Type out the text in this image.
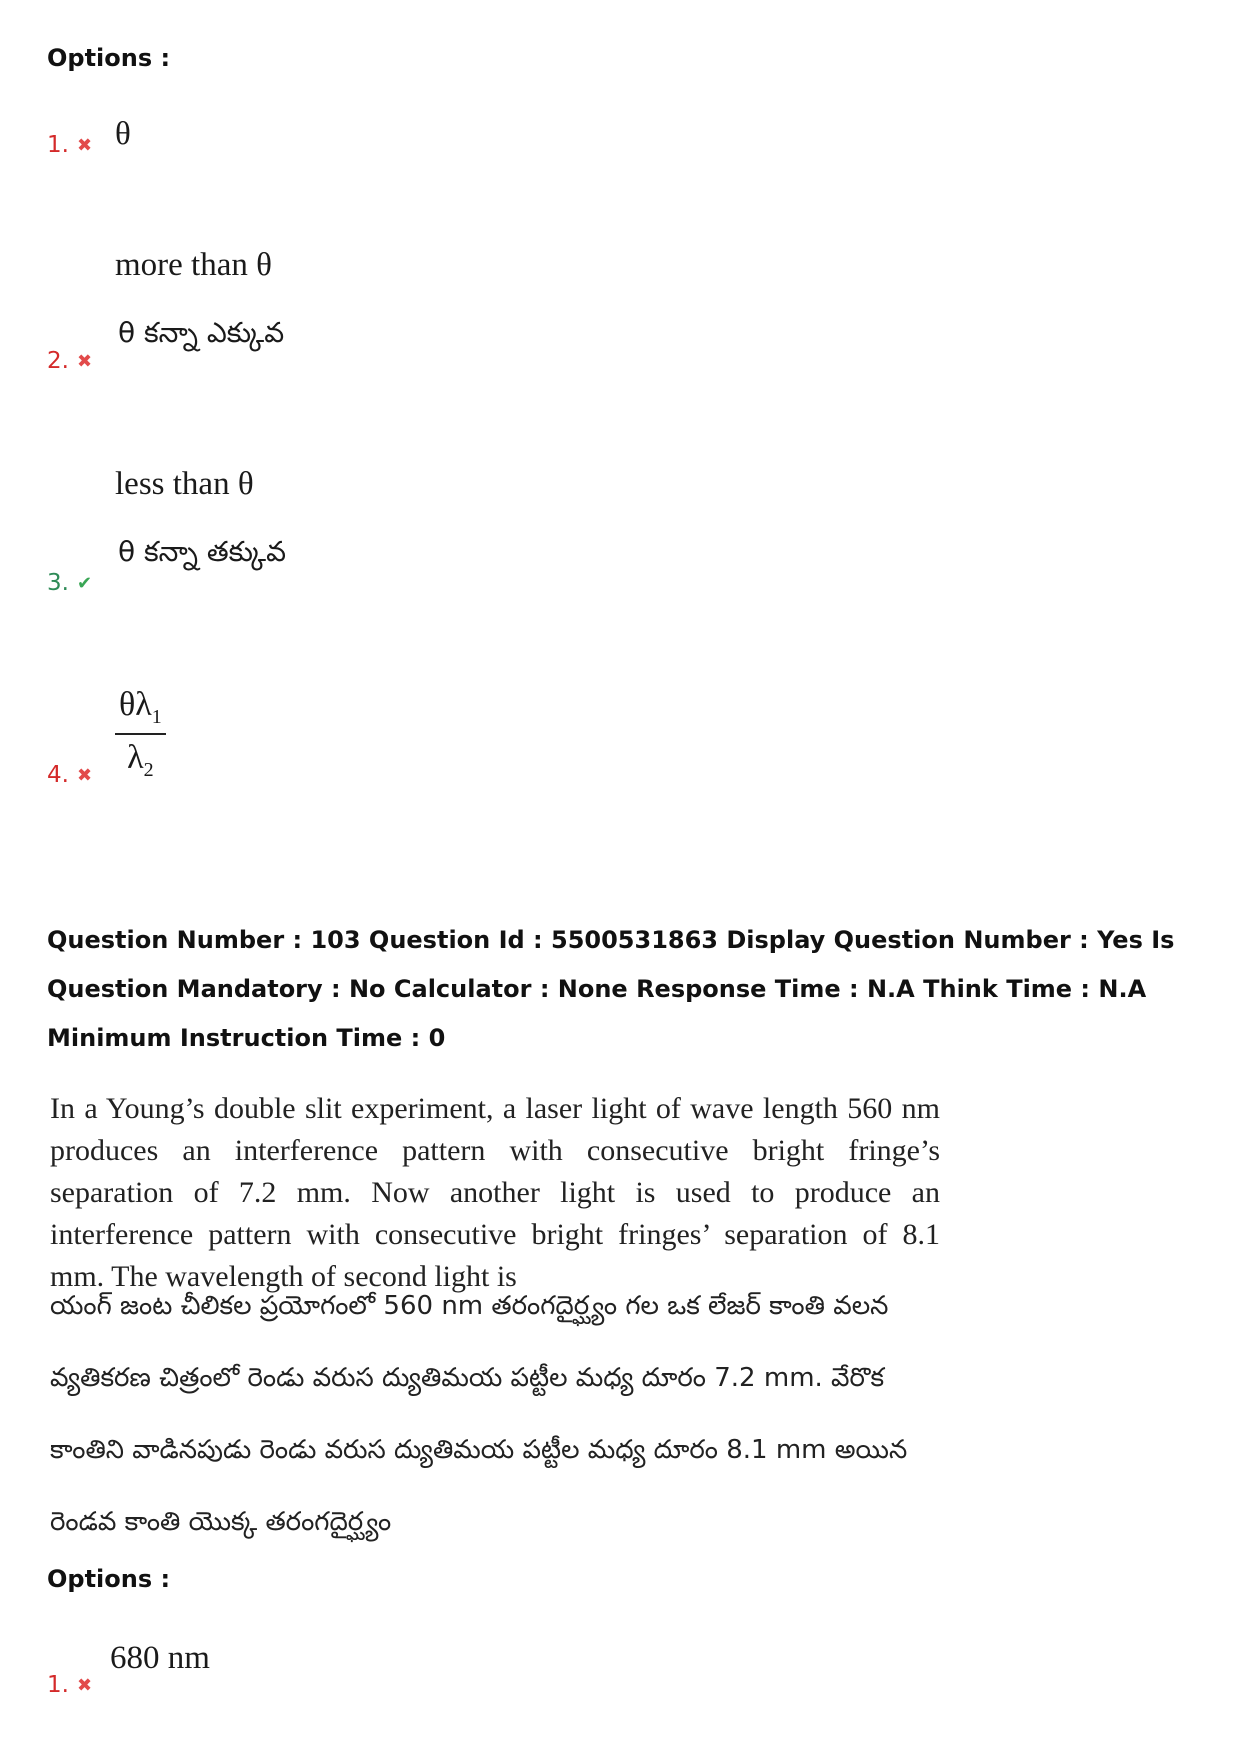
Options :
1. ✖ θ
more than θ
θ కన్నా ఎక్కువ
2. ✖
less than θ
θ కన్నా తక్కువ
3. ✔
$\frac{\theta\lambda_1}{\lambda_2}$
4. ✖
Question Number : 103 Question Id : 5500531863 Display Question Number : Yes Is Question Mandatory : No Calculator : None Response Time : N.A Think Time : N.A Minimum Instruction Time : 0
In a Young’s double slit experiment, a laser light of wave length 560 nm produces an interference pattern with consecutive bright fringe’s separation of 7.2 mm. Now another light is used to produce an interference pattern with consecutive bright fringes’ separation of 8.1 mm. The wavelength of second light is
యంగ్ జంట చీలికల ప్రయోగంలో 560 nm తరంగదైర్ఘ్యం గల ఒక లేజర్ కాంతి వలన వ్యతికరణ చిత్రంలో రెండు వరుస ద్యుతిమయ పట్టీల మధ్య దూరం 7.2 mm. వేరొక కాంతిని వాడినపుడు రెండు వరుస ద్యుతిమయ పట్టీల మధ్య దూరం 8.1 mm అయిన రెండవ కాంతి యొక్క తరంగదైర్ఘ్యం
Options :
680 nm
1. ✖
